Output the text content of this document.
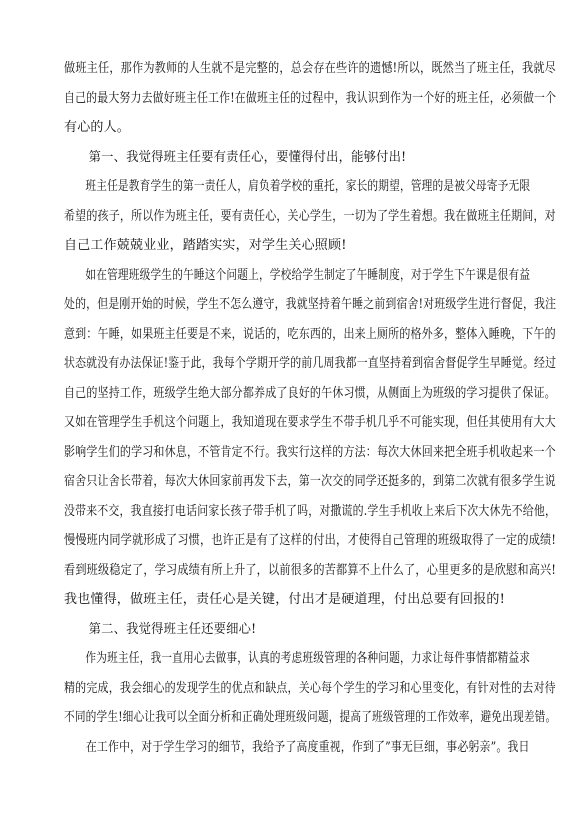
做班主任，那作为教师的人生就不是完整的，总会存在些许的遗憾!所以，既然当了班主任，我就尽
自己的最大努力去做好班主任工作!在做班主任的过程中，我认识到作为一个好的班主任，必须做一个
有心的人。
第一、我觉得班主任要有责任心，要懂得付出，能够付出!
班主任是教育学生的第一责任人，肩负着学校的重托，家长的期望，管理的是被父母寄予无限
希望的孩子，所以作为班主任，要有责任心，关心学生，一切为了学生着想。我在做班主任期间，对
自己工作兢兢业业，踏踏实实，对学生关心照顾!
如在管理班级学生的午睡这个问题上，学校给学生制定了午睡制度，对于学生下午课是很有益
处的，但是刚开始的时候，学生不怎么遵守，我就坚持着午睡之前到宿舍!对班级学生进行督促，我注
意到：午睡，如果班主任要是不来，说话的，吃东西的，出来上厕所的格外多，整体入睡晚，下午的
状态就没有办法保证!鉴于此，我每个学期开学的前几周我都一直坚持着到宿舍督促学生早睡觉。经过
自己的坚持工作，班级学生绝大部分都养成了良好的午休习惯，从侧面上为班级的学习提供了保证。
又如在管理学生手机这个问题上，我知道现在要求学生不带手机几乎不可能实现，但任其使用有大大
影响学生们的学习和休息，不管肯定不行。我实行这样的方法：每次大休回来把全班手机收起来一个
宿舍只让舍长带着，每次大休回家前再发下去，第一次交的同学还挺多的，到第二次就有很多学生说
没带来不交，我直接打电话问家长孩子带手机了吗，对撒谎的.学生手机收上来后下次大休先不给他，
慢慢班内同学就形成了习惯，也许正是有了这样的付出，才使得自己管理的班级取得了一定的成绩!
看到班级稳定了，学习成绩有所上升了，以前很多的苦都算不上什么了，心里更多的是欣慰和高兴!
我也懂得，做班主任，责任心是关键，付出才是硬道理，付出总要有回报的!
第二、我觉得班主任还要细心!
作为班主任，我一直用心去做事，认真的考虑班级管理的各种问题，力求让每件事情都精益求
精的完成，我会细心的发现学生的优点和缺点，关心每个学生的学习和心里变化，有针对性的去对待
不同的学生!细心让我可以全面分析和正确处理班级问题，提高了班级管理的工作效率，避免出现差错。
在工作中，对于学生学习的细节，我给予了高度重视，作到了”事无巨细，事必躬亲”。我日
